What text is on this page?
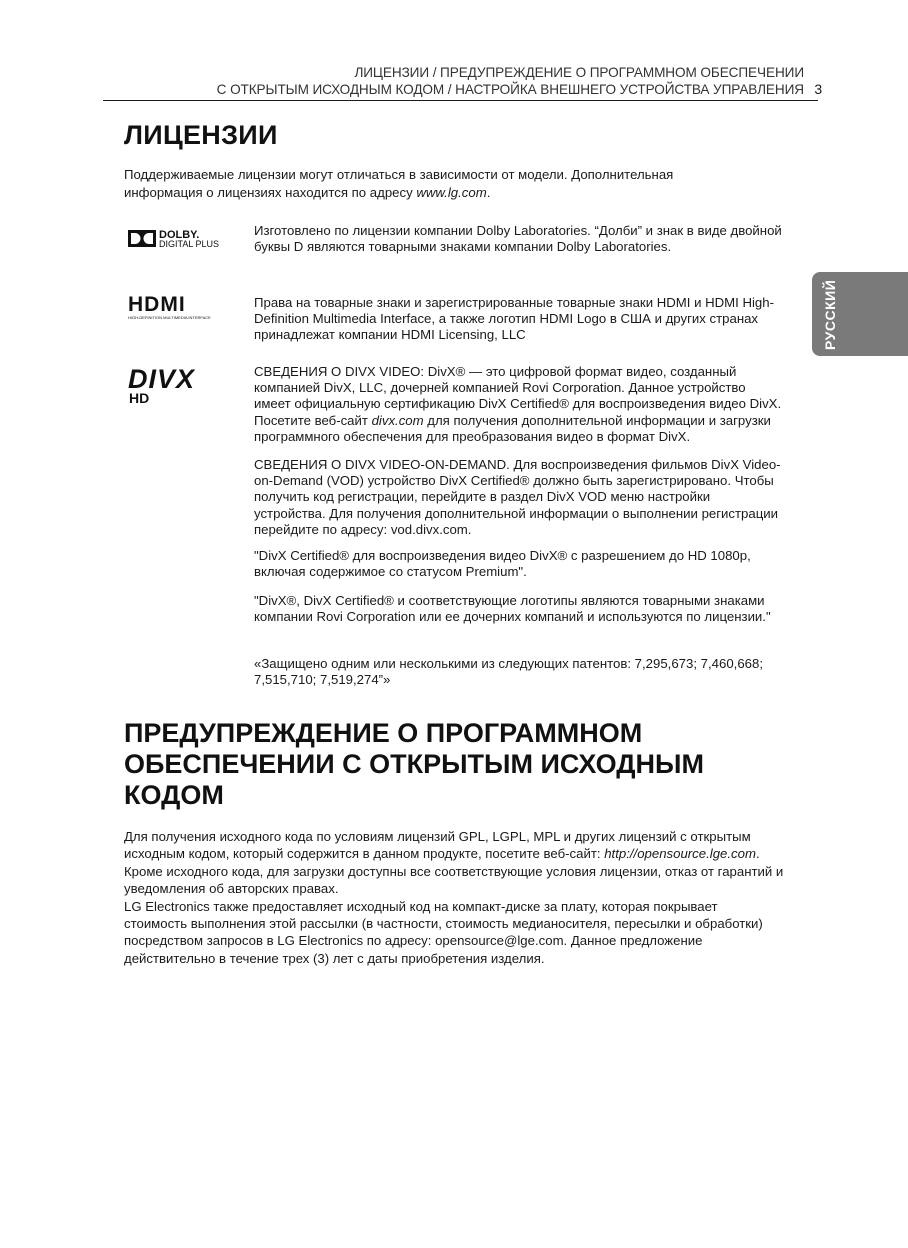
ЛИЦЕНЗИИ / ПРЕДУПРЕЖДЕНИЕ О ПРОГРАММНОМ ОБЕСПЕЧЕНИИ
С ОТКРЫТЫМ ИСХОДНЫМ КОДОМ / НАСТРОЙКА ВНЕШНЕГО УСТРОЙСТВА УПРАВЛЕНИЯ 3
РУССКИЙ
ЛИЦЕНЗИИ

Поддерживаемые лицензии могут отличаться в зависимости от модели. Дополнительная информация о лицензиях находится по адресу www.lg.com.

DOLBY.
DIGITAL PLUS

Изготовлено по лицензии компании Dolby Laboratories. “Долби” и знак в виде двойной буквы D являются товарными знаками компании Dolby Laboratories.

HDMI
HIGH-DEFINITION MULTIMEDIA INTERFACE

Права на товарные знаки и зарегистрированные товарные знаки HDMI и HDMI High-Definition Multimedia Interface, а также логотип HDMI Logo в США и других странах принадлежат компании HDMI Licensing, LLC

DIVX
HD

СВЕДЕНИЯ О DIVX VIDEO: DivX® — это цифровой формат видео, созданный компанией DivX, LLC, дочерней компанией Rovi Corporation. Данное устройство имеет официальную сертификацию DivX Certified® для воспроизведения видео DivX. Посетите веб-сайт divx.com для получения дополнительной информации и загрузки программного обеспечения для преобразования видео в формат DivX.

СВЕДЕНИЯ О DIVX VIDEO-ON-DEMAND. Для воспроизведения фильмов DivX Video-on-Demand (VOD) устройство DivX Certified® должно быть зарегистрировано. Чтобы получить код регистрации, перейдите в раздел DivX VOD меню настройки устройства. Для получения дополнительной информации о выполнении регистрации перейдите по адресу: vod.divx.com.

"DivX Certified® для воспроизведения видео DivX® с разрешением до HD 1080p, включая содержимое со статусом Premium".

"DivX®, DivX Certified® и соответствующие логотипы являются товарными знаками компании Rovi Corporation или ее дочерних компаний и используются по лицензии."

«Защищено одним или несколькими из следующих патентов: 7,295,673; 7,460,668; 7,515,710; 7,519,274”»

ПРЕДУПРЕЖДЕНИЕ О ПРОГРАММНОМ ОБЕСПЕЧЕНИИ С ОТКРЫТЫМ ИСХОДНЫМ КОДОМ

Для получения исходного кода по условиям лицензий GPL, LGPL, MPL и других лицензий с открытым исходным кодом, который содержится в данном продукте, посетите веб-сайт: http://opensource.lge.com. Кроме исходного кода, для загрузки доступны все соответствующие условия лицензии, отказ от гарантий и уведомления об авторских правах.
LG Electronics также предоставляет исходный код на компакт-диске за плату, которая покрывает стоимость выполнения этой рассылки (в частности, стоимость медианосителя, пересылки и обработки) посредством запросов в LG Electronics по адресу: opensource@lge.com. Данное предложение действительно в течение трех (3) лет с даты приобретения изделия.
